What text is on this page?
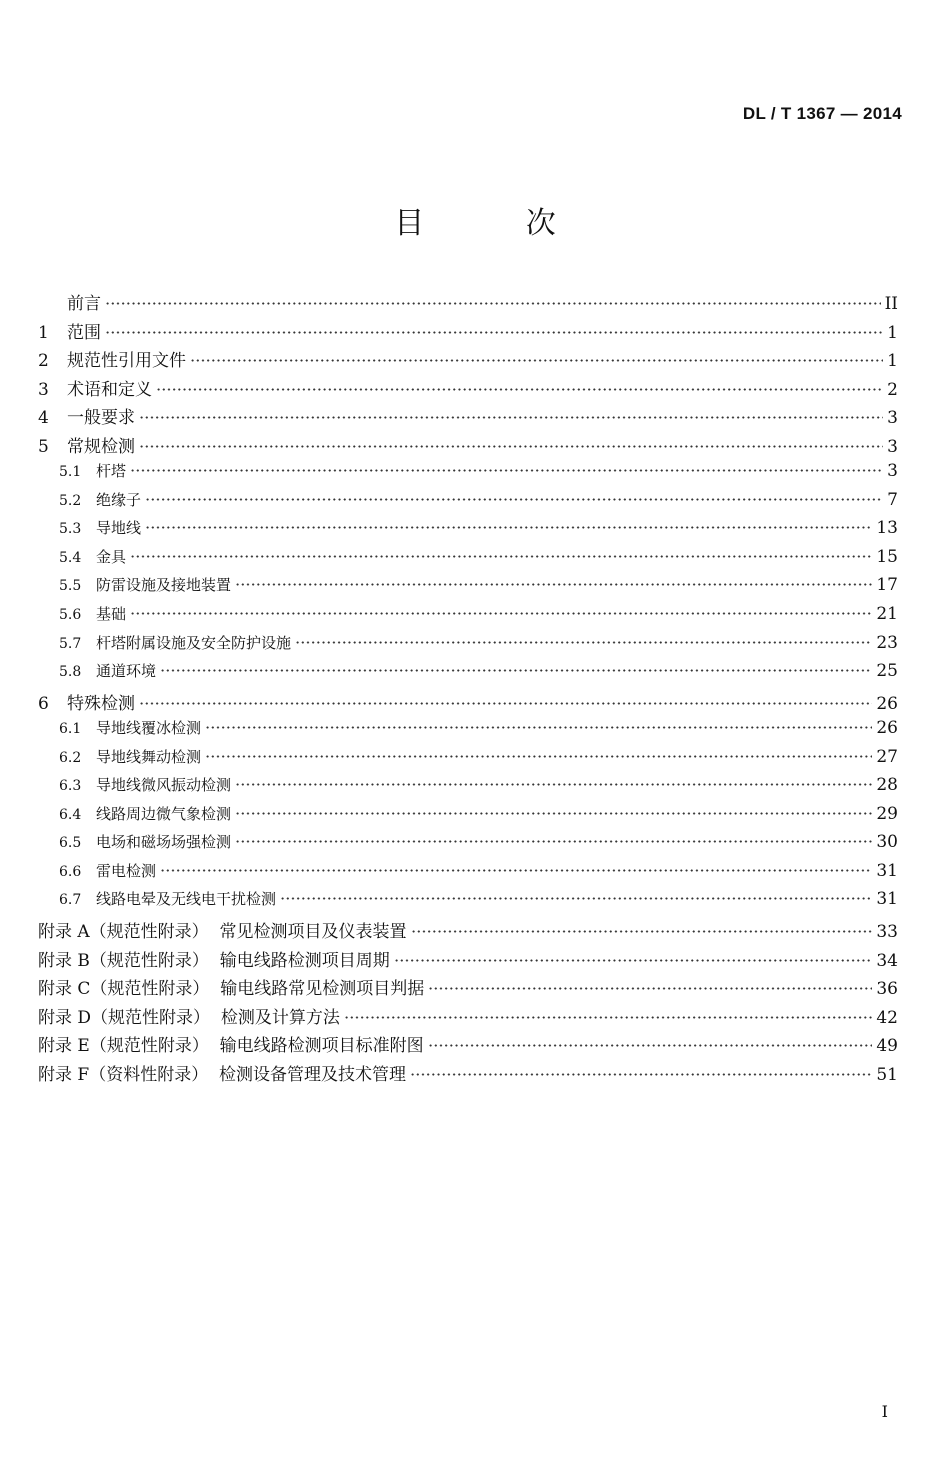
DL / T 1367 — 2014
目 次
前言	II
1	范围	1
2	规范性引用文件	1
3	术语和定义	2
4	一般要求	3
5	常规检测	3
5.1 杆塔	3
5.2 绝缘子	7
5.3 导地线	13
5.4 金具	15
5.5 防雷设施及接地装置	17
5.6 基础	21
5.7 杆塔附属设施及安全防护设施	23
5.8 通道环境	25
6	特殊检测	26
6.1 导地线覆冰检测	26
6.2 导地线舞动检测	27
6.3 导地线微风振动检测	28
6.4 线路周边微气象检测	29
6.5 电场和磁场场强检测	30
6.6 雷电检测	31
6.7 线路电晕及无线电干扰检测	31
附录 A（规范性附录）  常见检测项目及仪表装置	33
附录 B（规范性附录）  输电线路检测项目周期	34
附录 C（规范性附录）  输电线路常见检测项目判据	36
附录 D（规范性附录）  检测及计算方法	42
附录 E（规范性附录）  输电线路检测项目标准附图	49
附录 F（资料性附录）  检测设备管理及技术管理	51
I
